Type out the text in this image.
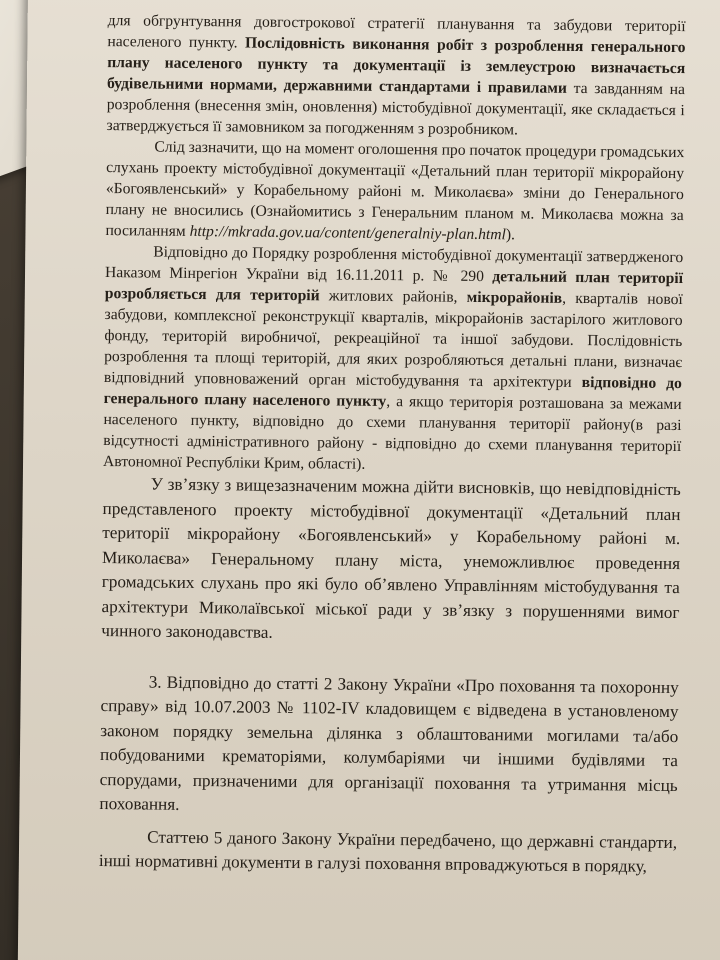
для обгрунтування довгострокової стратегії планування та забудови території населеного пункту. Послідовність виконання робіт з розроблення генерального плану населеного пункту та документації із землеустрою визначається будівельними нормами, державними стандартами і правилами та завданням на розроблення (внесення змін, оновлення) містобудівної документації, яке складається і затверджується її замовником за погодженням з розробником.

Слід зазначити, що на момент оголошення про початок процедури громадських слухань проекту містобудівної документації «Детальний план території мікрорайону «Богоявленський» у Корабельному районі м. Миколаєва» зміни до Генерального плану не вносились (Ознайомитись з Генеральним планом м. Миколаєва можна за посиланням http://mkrada.gov.ua/content/generalniy-plan.html).

Відповідно до Порядку розроблення містобудівної документації затвердженого Наказом Мінрегіон України від 16.11.2011 р. № 290 детальний план території розробляється для територій житлових районів, мікрорайонів, кварталів нової забудови, комплексної реконструкції кварталів, мікрорайонів застарілого житлового фонду, територій виробничої, рекреаційної та іншої забудови. Послідовність розроблення та площі територій, для яких розробляються детальні плани, визначає відповідний уповноважений орган містобудування та архітектури відповідно до генерального плану населеного пункту, а якщо територія розташована за межами населеного пункту, відповідно до схеми планування території району(в разі відсутності адміністративного району - відповідно до схеми планування території Автономної Республіки Крим, області).

У зв’язку з вищезазначеним можна дійти висновків, що невідповідність представленого проекту містобудівної документації «Детальний план території мікрорайону «Богоявленський» у Корабельному районі м. Миколаєва» Генеральному плану міста, унеможливлює проведення громадських слухань про які було об’явлено Управлінням містобудування та архітектури Миколаївської міської ради у зв’язку з порушеннями вимог чинного законодавства.

3. Відповідно до статті 2 Закону України «Про поховання та похоронну справу» від 10.07.2003 № 1102-IV кладовищем є відведена в установленому законом порядку земельна ділянка з облаштованими могилами та/або побудованими крематоріями, колумбаріями чи іншими будівлями та спорудами, призначеними для організації поховання та утримання місць поховання.

Статтею 5 даного Закону України передбачено, що державні стандарти, інші нормативні документи в галузі поховання впроваджуються в порядку,
